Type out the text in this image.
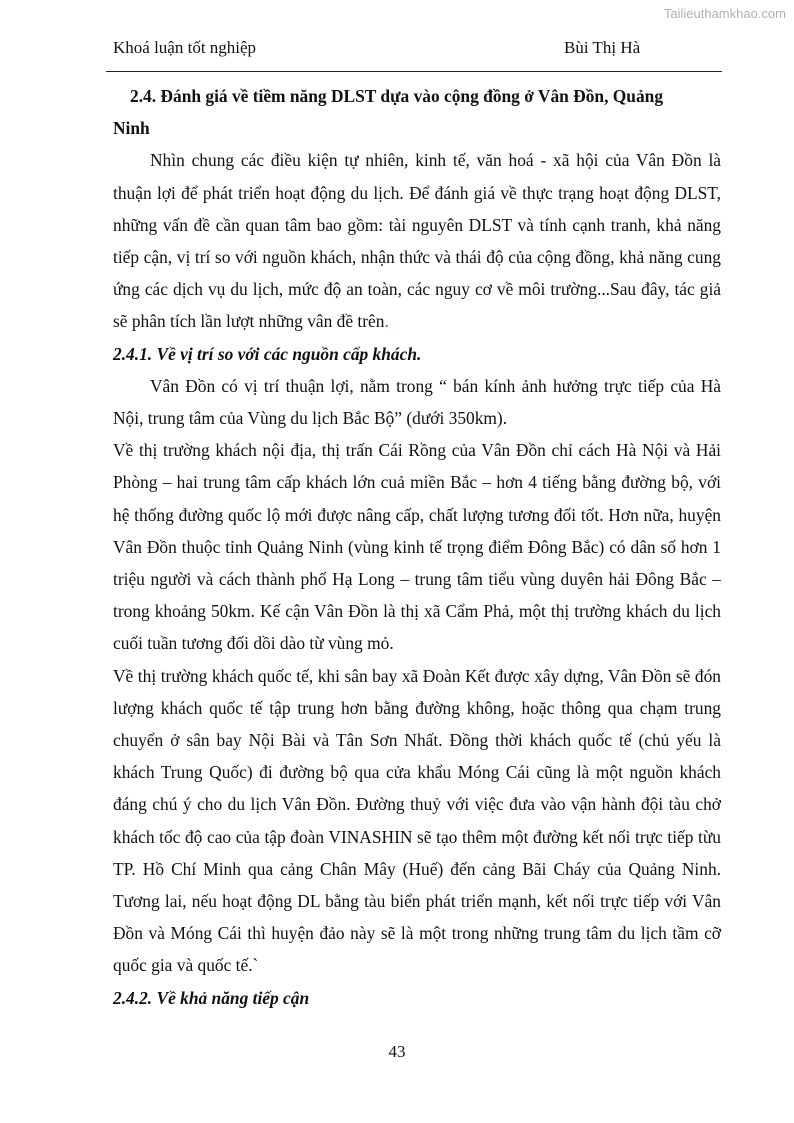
Tailieuthamkhao.com
Khoá luận tốt nghiệp	Bùi Thị Hà

2.4. Đánh giá về tiềm năng DLST dựa vào cộng đồng ở Vân Đồn, Quảng
Ninh

Nhìn chung các điều kiện tự nhiên, kinh tế, văn hoá - xã hội của Vân Đồn là thuận lợi để phát triển hoạt động du lịch. Để đánh giá về thực trạng hoạt động DLST, những vấn đề cần quan tâm bao gồm: tài nguyên DLST và tính cạnh tranh, khả năng tiếp cận, vị trí so với nguồn khách, nhận thức và thái độ của cộng đồng, khả năng cung ứng các dịch vụ du lịch, mức độ an toàn, các nguy cơ về môi trường...Sau đây, tác giả sẽ phân tích lần lượt những vân đề trên.

2.4.1. Về vị trí so với các nguồn cấp khách.

Vân Đồn có vị trí thuận lợi, nằm trong “ bán kính ảnh hưởng trực tiếp của Hà Nội, trung tâm của Vùng du lịch Bắc Bộ” (dưới 350km).

Về thị trường khách nội địa, thị trấn Cái Rồng của Vân Đồn chỉ cách Hà Nội và Hải Phòng – hai trung tâm cấp khách lớn cuả miền Bắc – hơn 4 tiếng bằng đường bộ, với hệ thống đường quốc lộ mới được nâng cấp, chất lượng tương đối tốt. Hơn nữa, huyện Vân Đồn thuộc tỉnh Quảng Ninh (vùng kinh tế trọng điểm Đông Bắc) có dân số hơn 1 triệu người và cách thành phố Hạ Long – trung tâm tiểu vùng duyên hải Đông Bắc – trong khoảng 50km. Kế cận Vân Đồn là thị xã Cẩm Phả, một thị trường khách du lịch cuối tuần tương đối dồi dào từ vùng mỏ.

Về thị trường khách quốc tế, khi sân bay xã Đoàn Kết được xây dựng, Vân Đồn sẽ đón lượng khách quốc tế tập trung hơn bằng đường không, hoặc thông qua chạm trung chuyển ở sân bay Nội Bài và Tân Sơn Nhất. Đồng thời khách quốc tế (chủ yếu là khách Trung Quốc) đi đường bộ qua cửa khẩu Móng Cái cũng là một nguồn khách đáng chú ý cho du lịch Vân Đồn. Đường thuỷ với việc đưa vào vận hành đội tàu chở khách tốc độ cao của tập đoàn VINASHIN sẽ tạo thêm một đường kết nối trực tiếp từu TP. Hồ Chí Minh qua cảng Chân Mây (Huế) đến cảng Bãi Cháy của Quảng Ninh. Tương lai, nếu hoạt động DL bằng tàu biển phát triển mạnh, kết nối trực tiếp với Vân Đồn và Móng Cái thì huyện đảo này sẽ là một trong những trung tâm du lịch tầm cỡ quốc gia và quốc tế.`

2.4.2. Về khả năng tiếp cận

43
